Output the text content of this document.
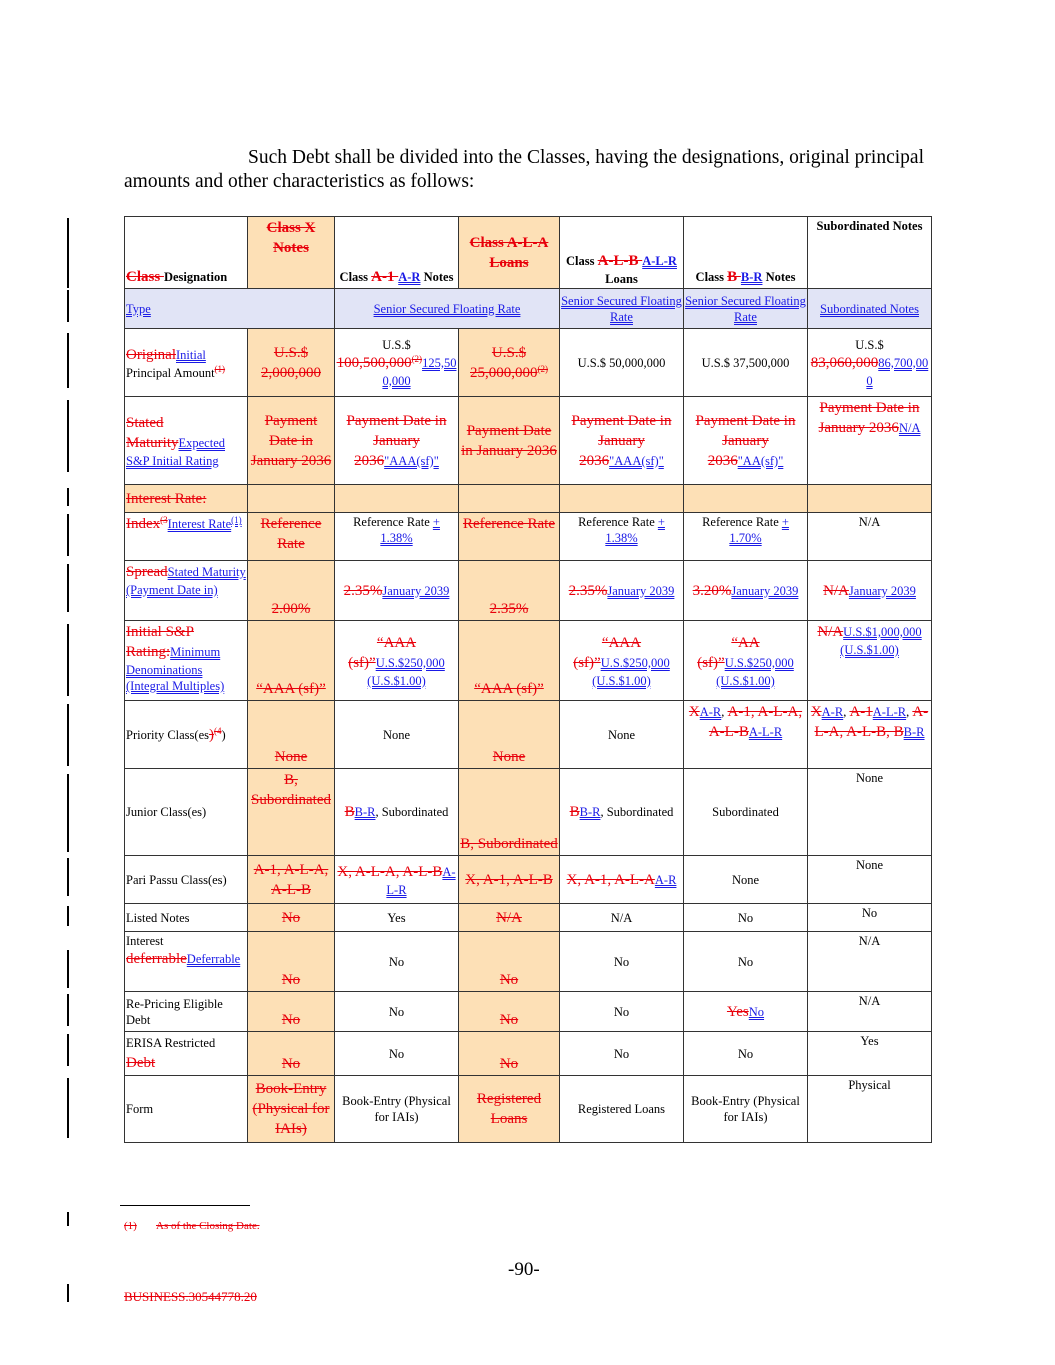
Such Debt shall be divided into the Classes, having the designations, original principal amounts and other characteristics as follows:
Class Designation	Class X Notes	Class A-1 A-R Notes	Class A-L-A Loans	Class A-L-B A-L-R Loans	Class B B-R Notes	Subordinated Notes
Type		Senior Secured Floating Rate		Senior Secured Floating Rate	Senior Secured Floating Rate	Subordinated Notes
OriginalInitial Principal Amount$^{(1)}$	U.S.$ 2,000,000	U.S.$ 100,500,000$^{(2)}$125,500,000	U.S.$ 25,000,000$^{(2)}$	U.S.$ 50,000,000	U.S.$ 37,500,000	U.S.$ 83,060,00086,700,000
Stated MaturityExpected S&P Initial Rating	Payment Date in January 2036	Payment Date in January 2036"AAA(sf)"	Payment Date in January 2036	Payment Date in January 2036"AAA(sf)"	Payment Date in January 2036"AA(sf)"	Payment Date in January 2036N/A
Interest Rate:						
Index$^{(3}$Interest Rate$^{(1)}$	Reference Rate	Reference Rate + 1.38%	Reference Rate	Reference Rate + 1.38%	Reference Rate + 1.70%	N/A
SpreadStated Maturity (Payment Date in)	2.00%	2.35%January 2039	2.35%	2.35%January 2039	3.20%January 2039	N/AJanuary 2039
Initial S&P Rating:Minimum Denominations (Integral Multiples)	“AAA (sf)”	“AAA (sf)”U.S.$250,000 (U.S.$1.00)	“AAA (sf)”	“AAA (sf)”U.S.$250,000 (U.S.$1.00)	“AA (sf)”U.S.$250,000 (U.S.$1.00)	N/AU.S.$1,000,000 (U.S.$1.00)
Priority Class(es)$^{(4}$)	None	None	None	None	XA-R, A-1, A-L-A, A-L-BA-L-R	XA-R, A-1A-L-R, A-L-A, A-L-B, BB-R
Junior Class(es)	B, Subordinated	BB-R, Subordinated	B, Subordinated	BB-R, Subordinated	Subordinated	None
Pari Passu Class(es)	A-1, A-L-A, A-L-B	X, A-L-A, A-L-BA-L-R	X, A-1, A-L-B	X, A-1, A-L-AA-R	None	None
Listed Notes	No	Yes	N/A	N/A	No	No
Interest deferrableDeferrable	No	No	No	No	No	N/A
Re-Pricing Eligible Debt	No	No	No	No	YesNo	N/A
ERISA Restricted Debt	No	No	No	No	No	Yes
Form	Book-Entry (Physical for IAIs)	Book-Entry (Physical for IAIs)	Registered Loans	Registered Loans	Book-Entry (Physical for IAIs)	Physical
(1) As of the Closing Date.
-90-
BUSINESS.30544778.20
